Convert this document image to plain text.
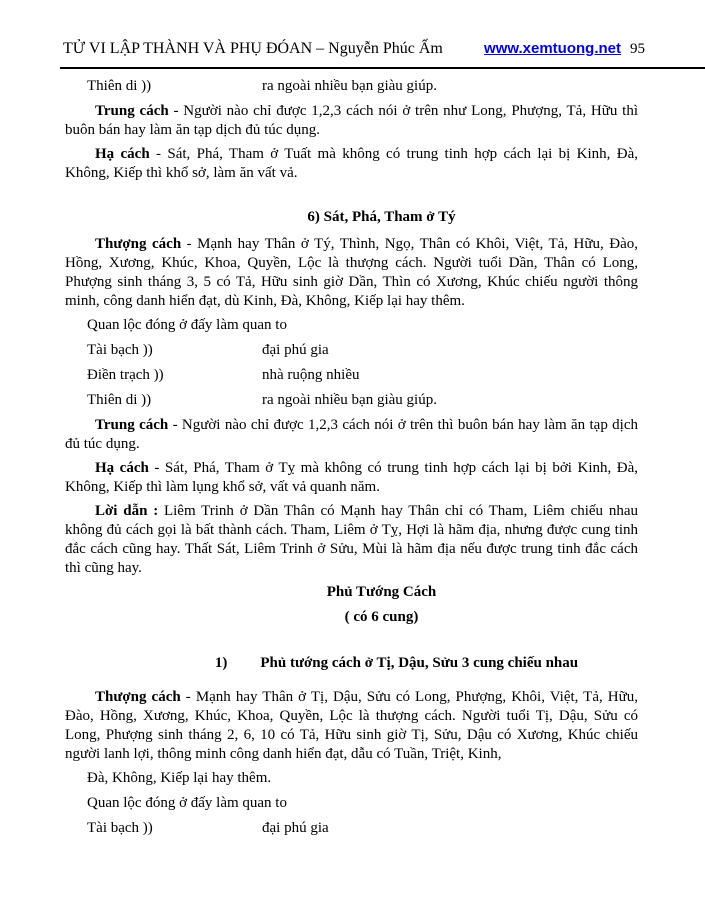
TỬ VI LẬP THÀNH VÀ PHỤ ĐÓAN – Nguyễn Phúc Ấm	www.xemtuong.net 95
Thiên di ))	ra ngoài nhiều bạn giàu giúp.

Trung cách - Người nào chỉ được 1,2,3 cách nói ở trên như Long, Phượng, Tả, Hữu thì buôn bán hay làm ăn tạp dịch đủ túc dụng.

Hạ cách - Sát, Phá, Tham ở Tuất mà không có trung tinh hợp cách lại bị Kinh, Đà, Không, Kiếp thì khổ sở, làm ăn vất vả.

6) Sát, Phá, Tham ở Tý

Thượng cách - Mạnh hay Thân ở Tý, Thình, Ngọ, Thân có Khôi, Việt, Tả, Hữu, Đào, Hồng, Xương, Khúc, Khoa, Quyền, Lộc là thượng cách. Người tuổi Dần, Thân có Long, Phượng sinh tháng 3, 5 có Tả, Hữu sinh giờ Dần, Thìn có Xương, Khúc chiếu người thông minh, công danh hiển đạt, dù Kinh, Đà, Không, Kiếp lại hay thêm.

Quan lộc đóng ở đấy làm quan to
Tài bạch ))	đại phú gia
Điền trạch ))	nhà ruộng nhiều
Thiên di ))	ra ngoài nhiều bạn giàu giúp.

Trung cách - Người nào chỉ được 1,2,3 cách nói ở trên thì buôn bán hay làm ăn tạp dịch đủ túc dụng.

Hạ cách - Sát, Phá, Tham ở Tỵ mà không có trung tinh hợp cách lại bị bởi Kinh, Đà, Không, Kiếp thì làm lụng khổ sở, vất vả quanh năm.

Lời dẫn : Liêm Trinh ở Dần Thân có Mạnh hay Thân chỉ có Tham, Liêm chiếu nhau không đủ cách gọi là bất thành cách. Tham, Liêm ở Tỵ, Hợi là hãm địa, nhưng được cung tinh đắc cách cũng hay. Thất Sát, Liêm Trinh ở Sửu, Mùi là hãm địa nếu được trung tinh đắc cách thì cũng hay.

Phủ Tướng Cách
( có 6 cung)
1) Phủ tướng cách ở Tị, Dậu, Sửu 3 cung chiếu nhau

Thượng cách - Mạnh hay Thân ở Tị, Dậu, Sửu có Long, Phượng, Khôi, Việt, Tả, Hữu, Đào, Hồng, Xương, Khúc, Khoa, Quyền, Lộc là thượng cách. Người tuổi Tị, Dậu, Sửu có Long, Phượng sinh tháng 2, 6, 10 có Tả, Hữu sinh giờ Tị, Sửu, Dậu có Xương, Khúc chiếu người lanh lợi, thông minh công danh hiển đạt, dẫu có Tuần, Triệt, Kinh,

Đà, Không, Kiếp lại hay thêm.
Quan lộc đóng ở đấy làm quan to
Tài bạch ))	đại phú gia
